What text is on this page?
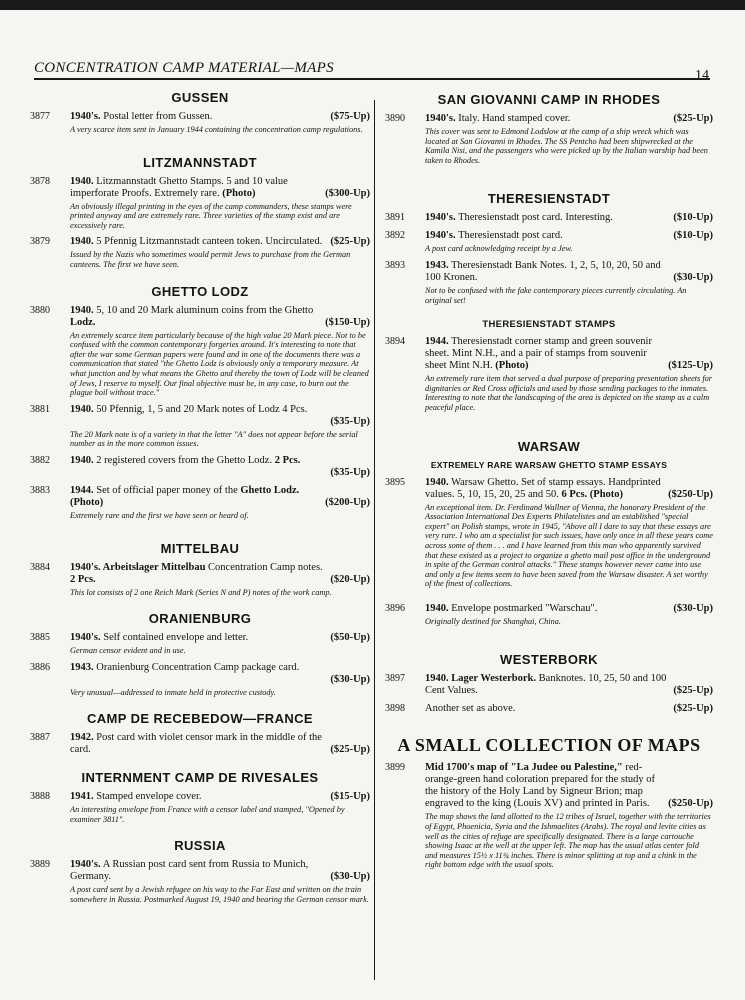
CONCENTRATION CAMP MATERIAL—MAPS	14
GUSSEN
3877	1940's. Postal letter from Gussen.	($75-Up)
A very scarce item sent in January 1944 containing the concentration camp regulations.
LITZMANNSTADT
3878	1940. Litzmannstadt Ghetto Stamps. 5 and 10 value imperforate Proofs. Extremely rare. (Photo)	($300-Up)
An obviously illegal printing in the eyes of the camp commanders, these stamps were printed anyway and are extremely rare. Three varieties of the stamp exist and are excessively rare.
3879	1940. 5 Pfennig Litzmannstadt canteen token. Uncirculated. ($25-Up)
Issued by the Nazis who sometimes would permit Jews to purchase from the German canteens. The first we have seen.
GHETTO LODZ
3880	1940. 5, 10 and 20 Mark aluminum coins from the Ghetto Lodz.	($150-Up)
An extremely scarce item particularly because of the high value 20 Mark piece. Not to be confused with the common contemporary forgeries around. It's interesting to note that after the war some German papers were found and in one of the documents there was a communication that stated "the Ghetto Lodz is obviously only a temporary measure. At what junction and by what means the Ghetto and thereby the town of Lodz will be cleaned of Jews, I reserve to myself. Our final objective must be, in any case, to burn out the plague boil without trace."
3881	1940. 50 Pfennig, 1, 5 and 20 Mark notes of Lodz 4 Pcs.
($35-Up)
The 20 Mark note is of a variety in that the letter "A" does not appear before the serial number as in the more common issues.
3882	1940. 2 registered covers from the Ghetto Lodz. 2 Pcs.
($35-Up)
3883	1944. Set of official paper money of the Ghetto Lodz.
(Photo)	($200-Up)
Extremely rare and the first we have seen or heard of.
MITTELBAU
3884	1940's. Arbeitslager Mittelbau Concentration Camp notes. 2 Pcs.	($20-Up)
This lot consists of 2 one Reich Mark (Series N and P) notes of the work camp.
ORANIENBURG
3885	1940's. Self contained envelope and letter.	($50-Up)
German censor evident and in use.
3886	1943. Oranienburg Concentration Camp package card.
($30-Up)
Very unusual—addressed to inmate held in protective custody.
CAMP DE RECEBEDOW—FRANCE
3887	1942. Post card with violet censor mark in the middle of the card.	($25-Up)
INTERNMENT CAMP DE RIVESALES
3888	1941. Stamped envelope cover.	($15-Up)
An interesting envelope from France with a censor label and stamped, "Opened by examiner 3811".
RUSSIA
3889	1940's. A Russian post card sent from Russia to Munich, Germany.	($30-Up)
A post card sent by a Jewish refugee on his way to the Far East and written on the train somewhere in Russia. Postmarked August 19, 1940 and bearing the German censor mark.
SAN GIOVANNI CAMP IN RHODES
3890	1940's. Italy. Hand stamped cover.	($25-Up)
This cover was sent to Edmond Lodslow at the camp of a ship wreck which was located at San Giovanni in Rhodes. The SS Pentcho had been shipwrecked at the Kamila Nisi, and the passengers who were picked up by the Italian warship had been taken to Rhodes.
THERESIENSTADT
3891	1940's. Theresienstadt post card. Interesting.	($10-Up)
3892	1940's. Theresienstadt post card.	($10-Up)
A post card acknowledging receipt by a Jew.
3893	1943. Theresienstadt Bank Notes. 1, 2, 5, 10, 20, 50 and 100 Kronen.	($30-Up)
Not to be confused with the fake contemporary pieces currently circulating. An original set!
THERESIENSTADT STAMPS
3894	1944. Theresienstadt corner stamp and green souvenir sheet. Mint N.H., and a pair of stamps from souvenir sheet Mint N.H. (Photo)	($125-Up)
An extremely rare item that served a dual purpose of preparing presentation sheets for dignitaries or Red Cross officials and used by those sending packages to the inmates. Interesting to note that the landscaping of the area is depicted on the stamp as a calm peaceful place.
WARSAW
EXTREMELY RARE WARSAW GHETTO STAMP ESSAYS
3895	1940. Warsaw Ghetto. Set of stamp essays. Handprinted values. 5, 10, 15, 20, 25 and 50. 6 Pcs. (Photo)	($250-Up)
An exceptional item. Dr. Ferdinand Wallner of Vienna, the honorary President of the Association International Des Experts Philatelistes and an established "special expert" on Polish stamps, wrote in 1945, "Above all I dare to say that these essays are very rare. I who am a specialist for such issues, have only once in all these years come across some of them . . . and I have learned from this man who apparently survived that these existed as a project to organize a ghetto mail post office in the underground in spite of the German control attacks." These stamps however never came into use and only a few items seem to have been saved from the Warsaw disaster. A set worthy of the finest of collections.
3896	1940. Envelope postmarked "Warschau".	($30-Up)
Originally destined for Shanghai, China.
WESTERBORK
3897	1940. Lager Westerbork. Banknotes. 10, 25, 50 and 100 Cent Values.	($25-Up)
3898	Another set as above.	($25-Up)
A SMALL COLLECTION OF MAPS
3899	Mid 1700's map of "La Judee ou Palestine," red-orange-green hand coloration prepared for the study of the history of the Holy Land by Signeur Brion; map engraved to the king (Louis XV) and printed in Paris.	($250-Up)
The map shows the land allotted to the 12 tribes of Israel, together with the territories of Egypt, Phoenicia, Syria and the Ishmaelites (Arabs). The royal and levite cities as well as the cities of refuge are specifically designated. There is a large cartouche showing Isaac at the well at the upper left. The map has the usual atlas center fold and measures 15½ x 11¾ inches. There is minor splitting at top and a chink in the right bottom edge with the usual spots.
